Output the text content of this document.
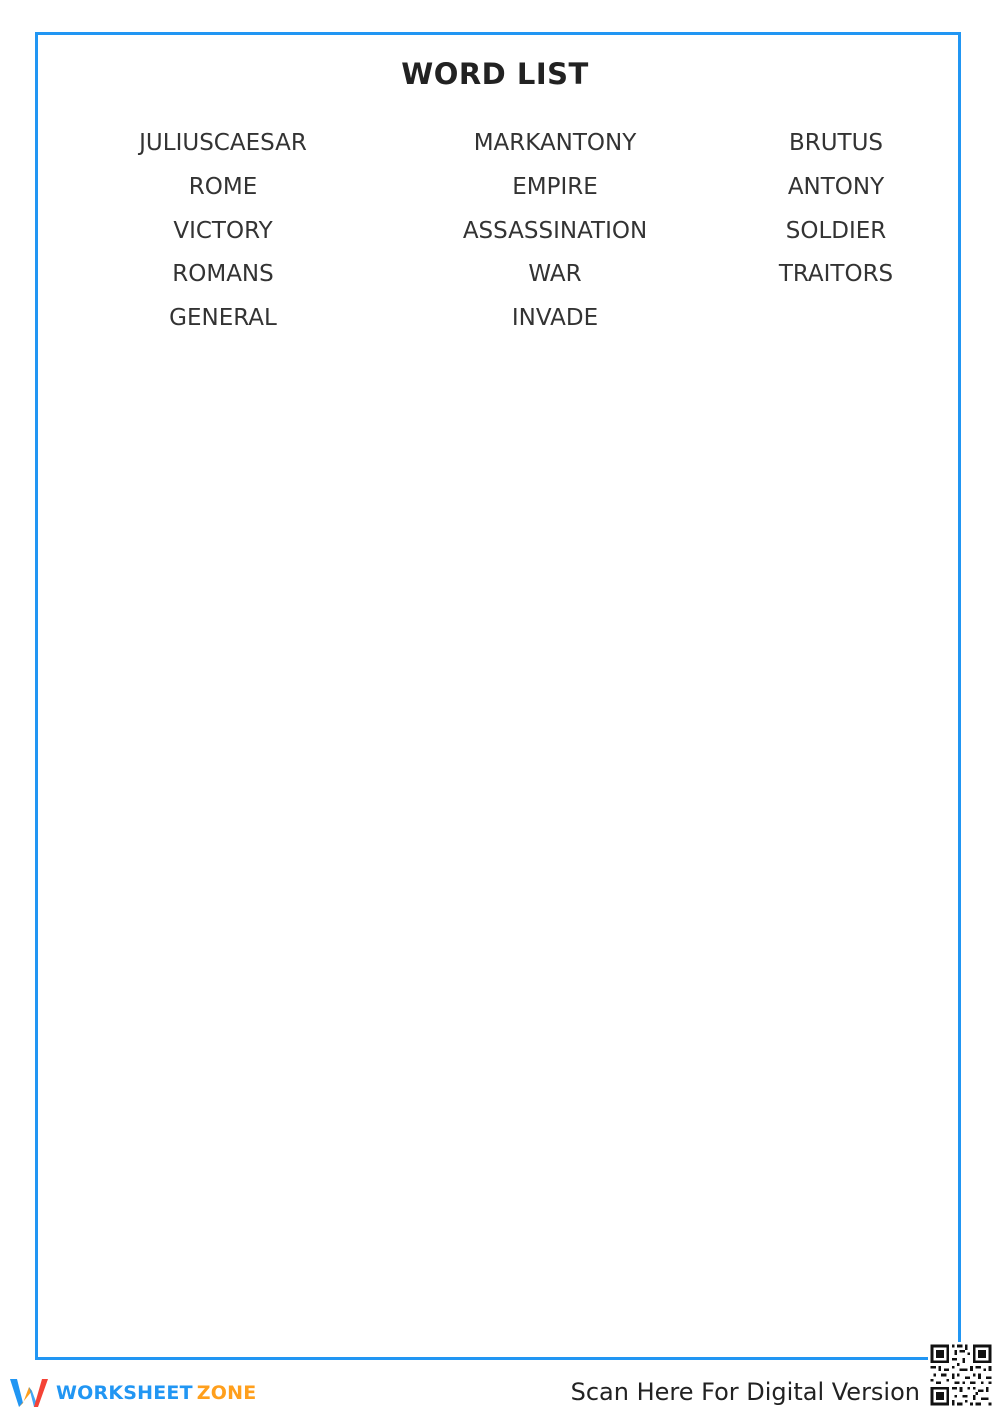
WORD LIST
JULIUSCAESAR
ROME
VICTORY
ROMANS
GENERAL
MARKANTONY
EMPIRE
ASSASSINATION
WAR
INVADE
BRUTUS
ANTONY
SOLDIER
TRAITORS
WORKSHEET ZONE	Scan Here For Digital Version
